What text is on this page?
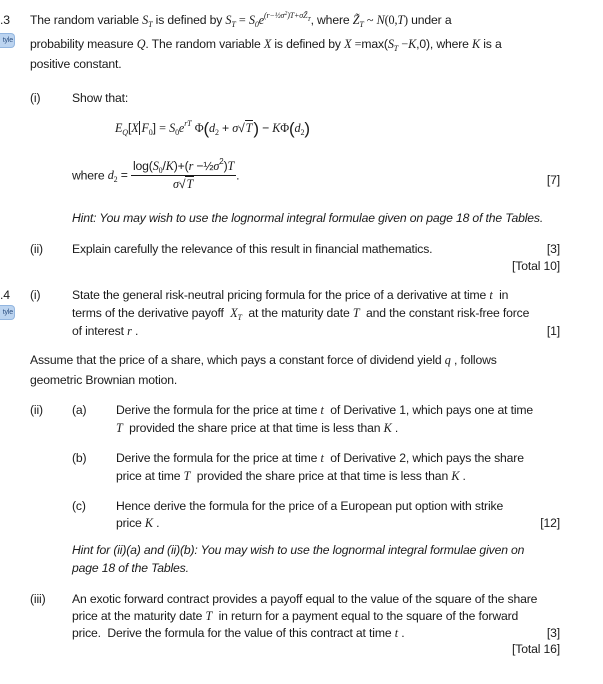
.3
tyle
The random variable $S_T$ is defined by $S_T = S_0e^{(r-\frac{1}{2}\sigma^2)T+\sigma Z̃_T}$, where $Z̃_T$ ~ N(0,T) under a
probability measure Q. The random variable X is defined by $X =\max(S_T -K,0)$, where K is a
positive constant.
(i)	Show that:
$E_Q[X$ $F_0] = S_0e^{rT}$ $\Phi(d_2 + \sigma√T) - K\Phi(d_2)$
where $d_2 = \frac{\log(S_0/K)+(r -\frac{1}{2}\sigma^2)T}{\sigma√T}$ .	[7]
Hint: You may wish to use the lognormal integral formulae given on page 18 of the Tables.
(ii) Explain carefully the relevance of this result in financial mathematics.	[3]
[Total 10]
.4
tyle
(i)	State the general risk-neutral pricing formula for the price of a derivative at time t  in
terms of the derivative payoff  $X_T$  at the maturity date T  and the constant risk-free force
of interest r .	[1]
Assume that the price of a share, which pays a constant force of dividend yield q , follows
geometric Brownian motion.
(ii) (a) Derive the formula for the price at time t  of Derivative 1, which pays one at time
T  provided the share price at that time is less than K .
(b) Derive the formula for the price at time t  of Derivative 2, which pays the share
price at time T  provided the share price at that time is less than K .
(c) Hence derive the formula for the price of a European put option with strike
price K .	[12]
Hint for (ii)(a) and (ii)(b): You may wish to use the lognormal integral formulae given on
page 18 of the Tables.
(iii) An exotic forward contract provides a payoff equal to the value of the square of the share
price at the maturity date T  in return for a payment equal to the square of the forward
price.  Derive the formula for the value of this contract at time t .	[3]
[Total 16]
